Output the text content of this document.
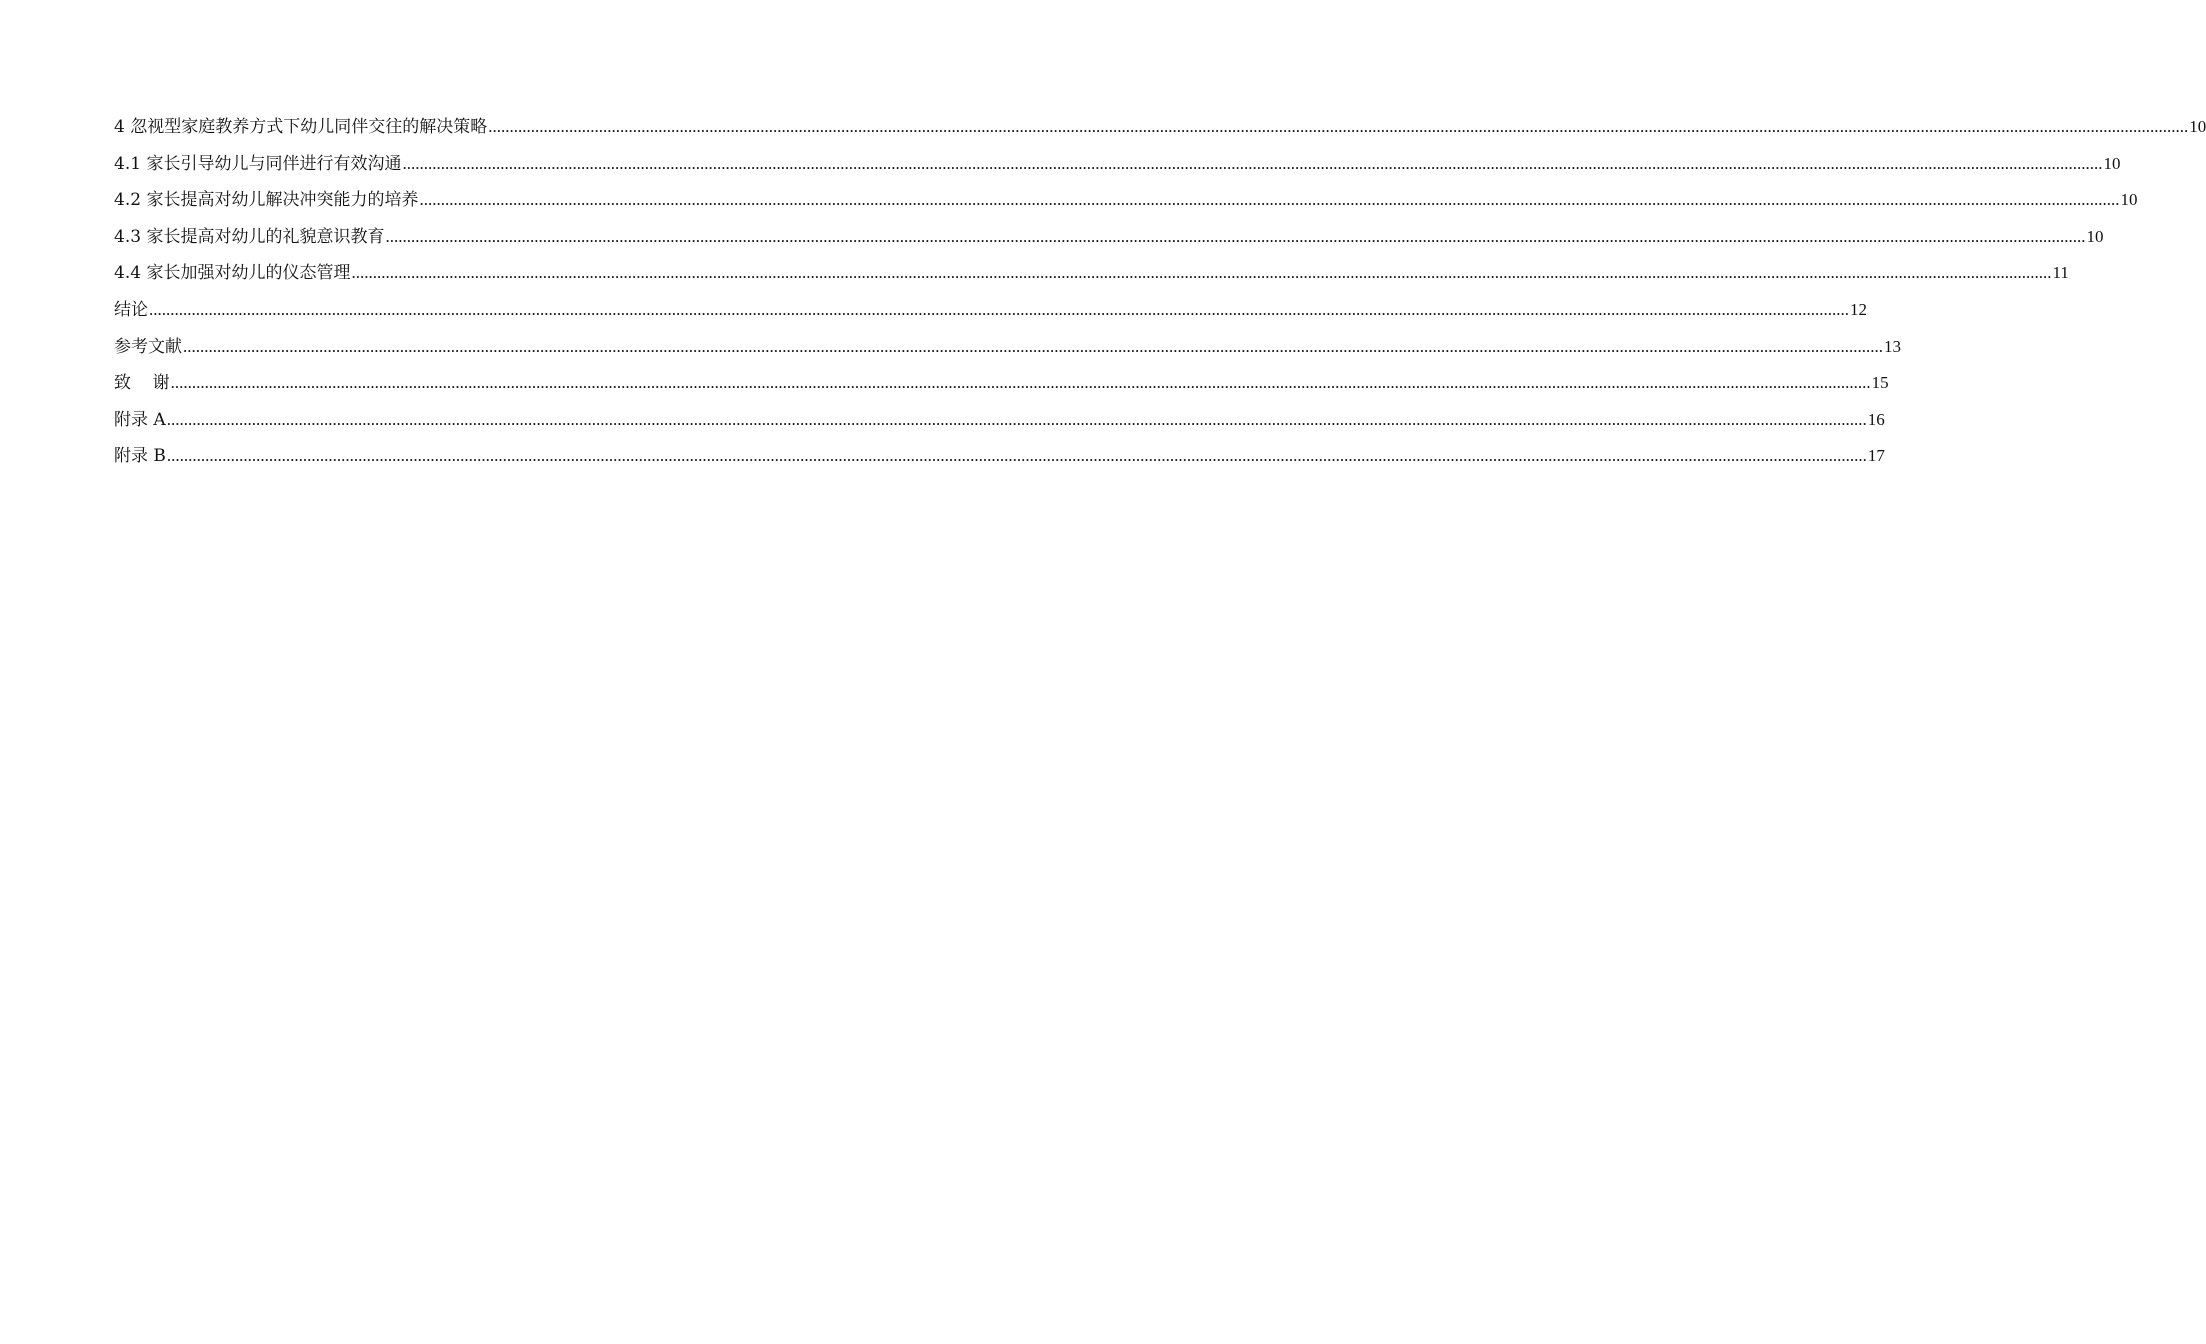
4 忽视型家庭教养方式下幼儿同伴交往的解决策略 ................................................................................................................................................................................................................................................................................................................................................................................................................ 10
4.1 家长引导幼儿与同伴进行有效沟通 ................................................................................................................................................................................................................................................................................................................................................................................................................ 10
4.2 家长提高对幼儿解决冲突能力的培养 ................................................................................................................................................................................................................................................................................................................................................................................................................ 10
4.3 家长提高对幼儿的礼貌意识教育 ................................................................................................................................................................................................................................................................................................................................................................................................................ 10
4.4 家长加强对幼儿的仪态管理 ................................................................................................................................................................................................................................................................................................................................................................................................................ 11
结论 ................................................................................................................................................................................................................................................................................................................................................................................................................ 12
参考文献 ................................................................................................................................................................................................................................................................................................................................................................................................................ 13
致    谢 ................................................................................................................................................................................................................................................................................................................................................................................................................ 15
附录 A ................................................................................................................................................................................................................................................................................................................................................................................................................ 16
附录 B ................................................................................................................................................................................................................................................................................................................................................................................................................ 17
